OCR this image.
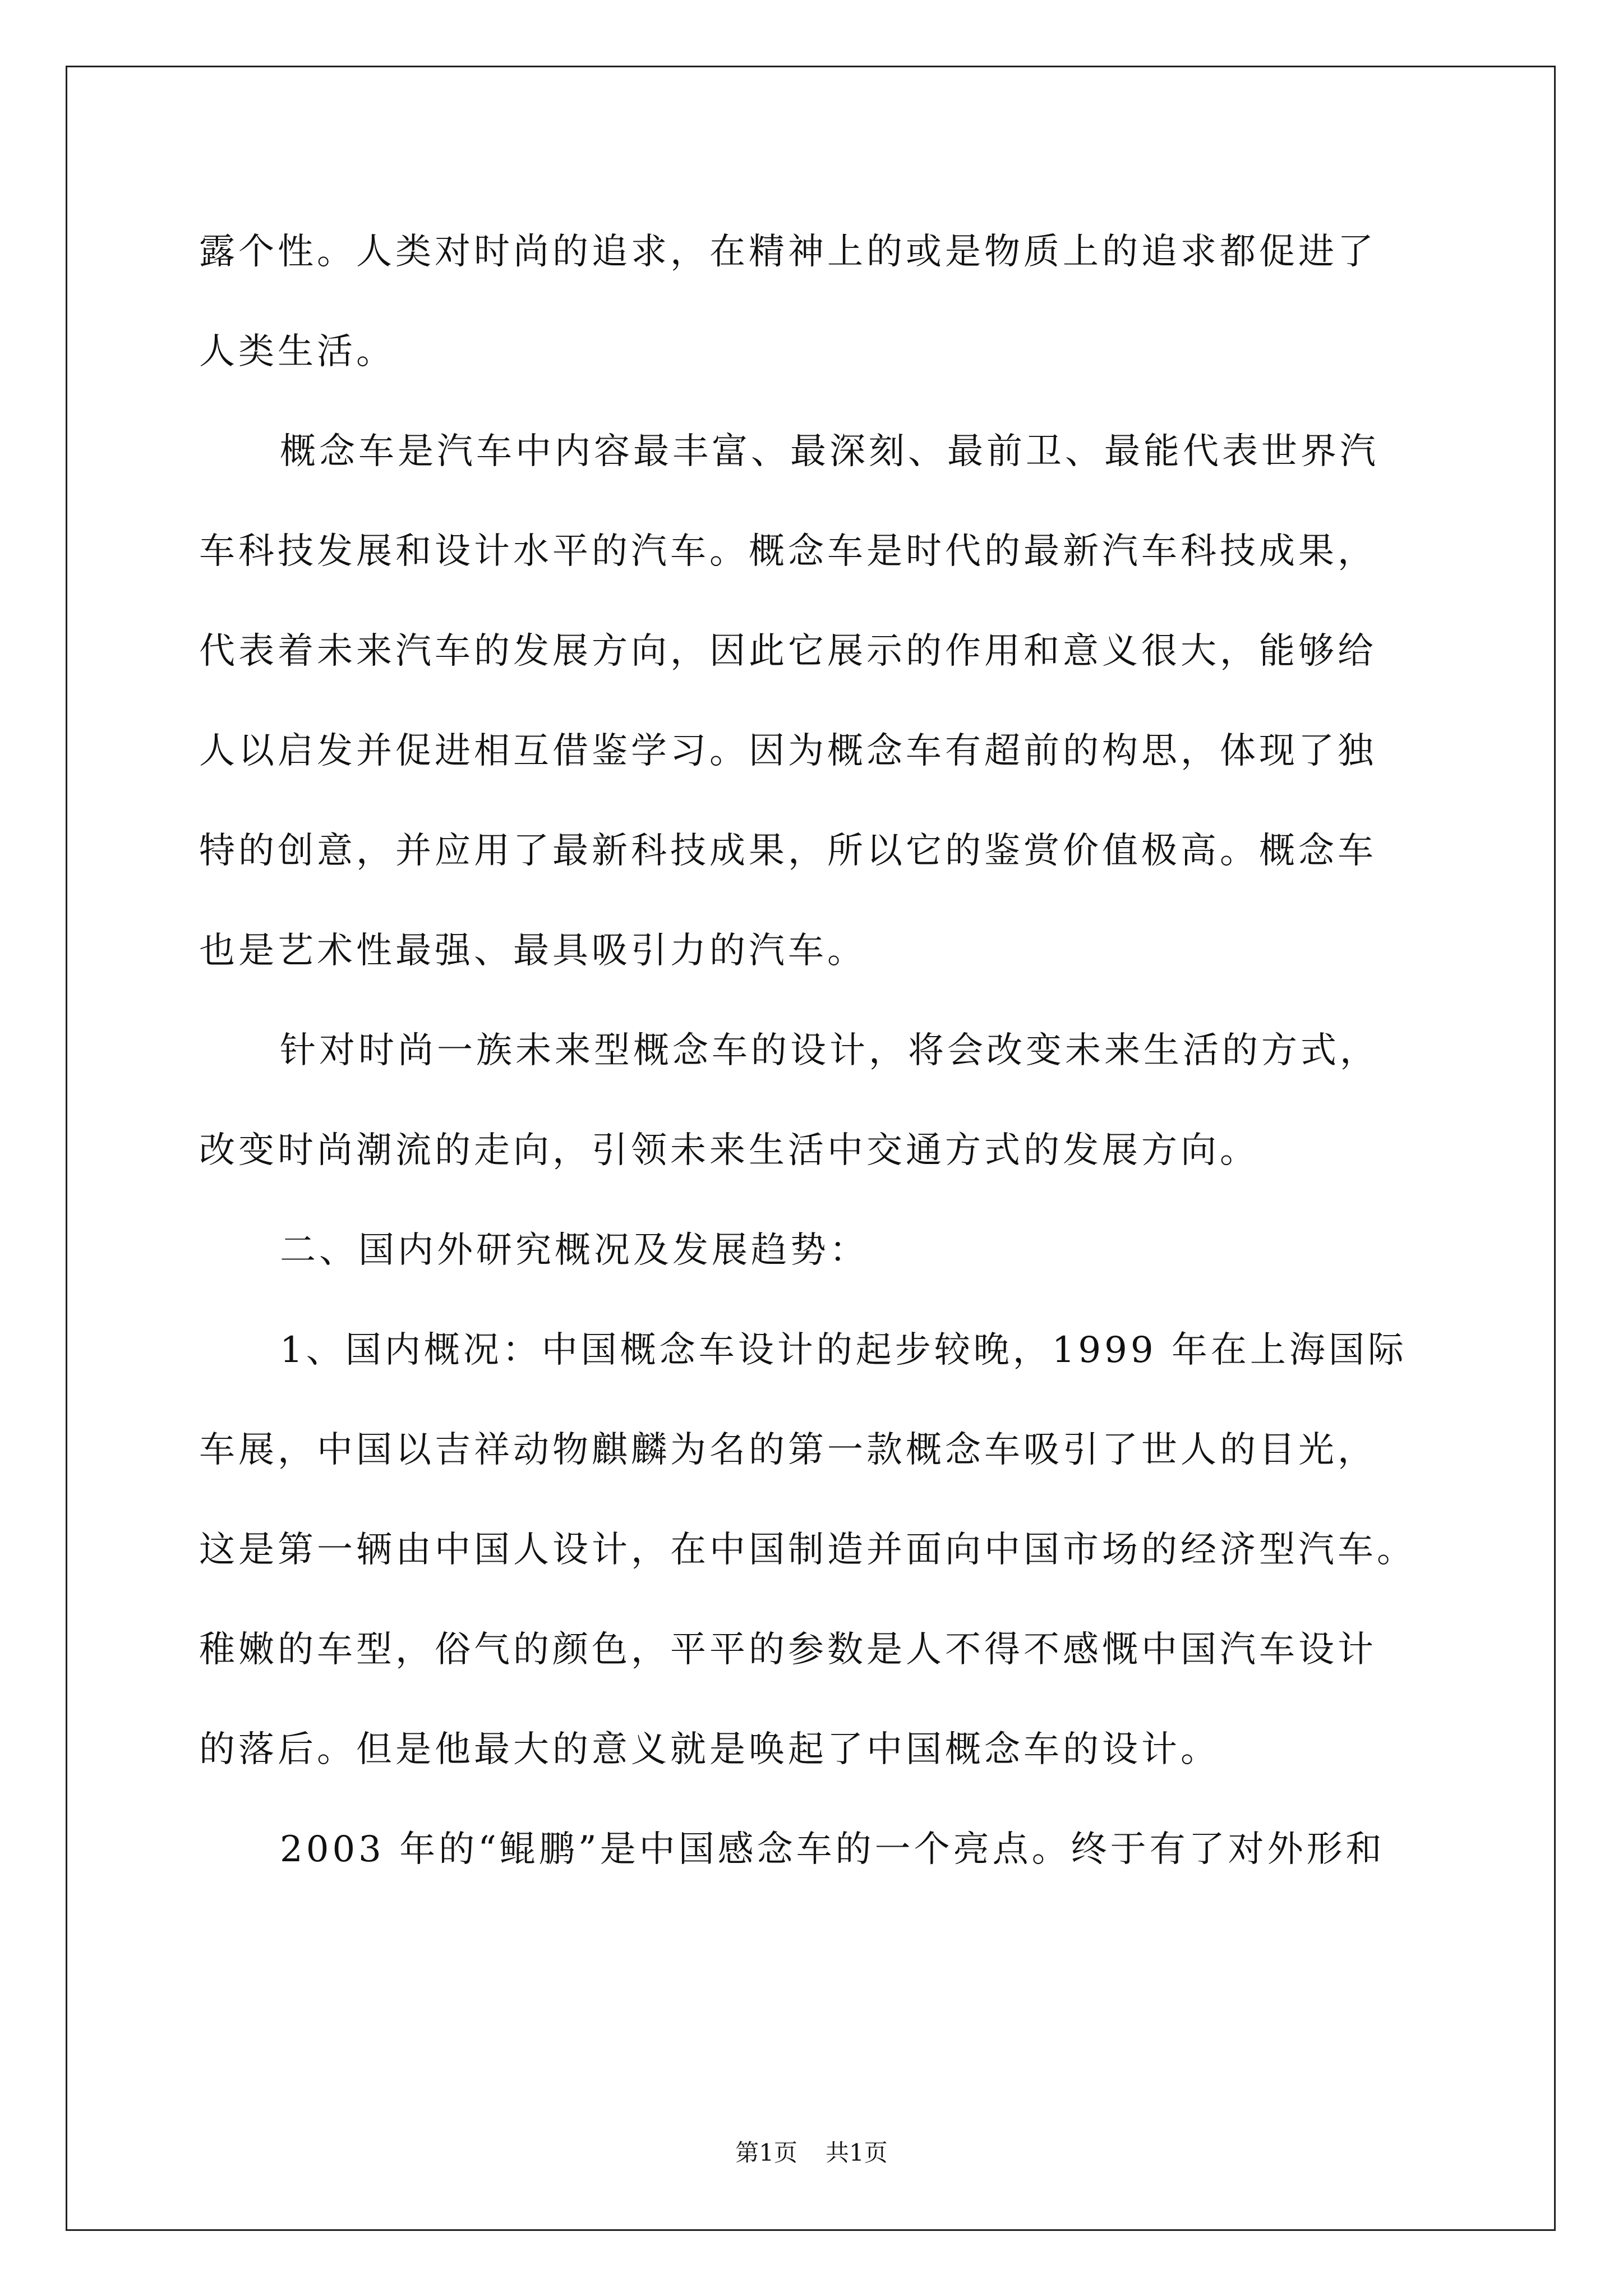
露个性。人类对时尚的追求，在精神上的或是物质上的追求都促进了
人类生活。
概念车是汽车中内容最丰富、最深刻、最前卫、最能代表世界汽
车科技发展和设计水平的汽车。概念车是时代的最新汽车科技成果，
代表着未来汽车的发展方向，因此它展示的作用和意义很大，能够给
人以启发并促进相互借鉴学习。因为概念车有超前的构思，体现了独
特的创意，并应用了最新科技成果，所以它的鉴赏价值极高。概念车
也是艺术性最强、最具吸引力的汽车。
针对时尚一族未来型概念车的设计，将会改变未来生活的方式，
改变时尚潮流的走向，引领未来生活中交通方式的发展方向。
二、国内外研究概况及发展趋势：
1、国内概况：中国概念车设计的起步较晚，1999 年在上海国际
车展，中国以吉祥动物麒麟为名的第一款概念车吸引了世人的目光，
这是第一辆由中国人设计，在中国制造并面向中国市场的经济型汽车。
稚嫩的车型，俗气的颜色，平平的参数是人不得不感慨中国汽车设计
的落后。但是他最大的意义就是唤起了中国概念车的设计。
2003 年的“鲲鹏”是中国感念车的一个亮点。终于有了对外形和
第1页 共1页
